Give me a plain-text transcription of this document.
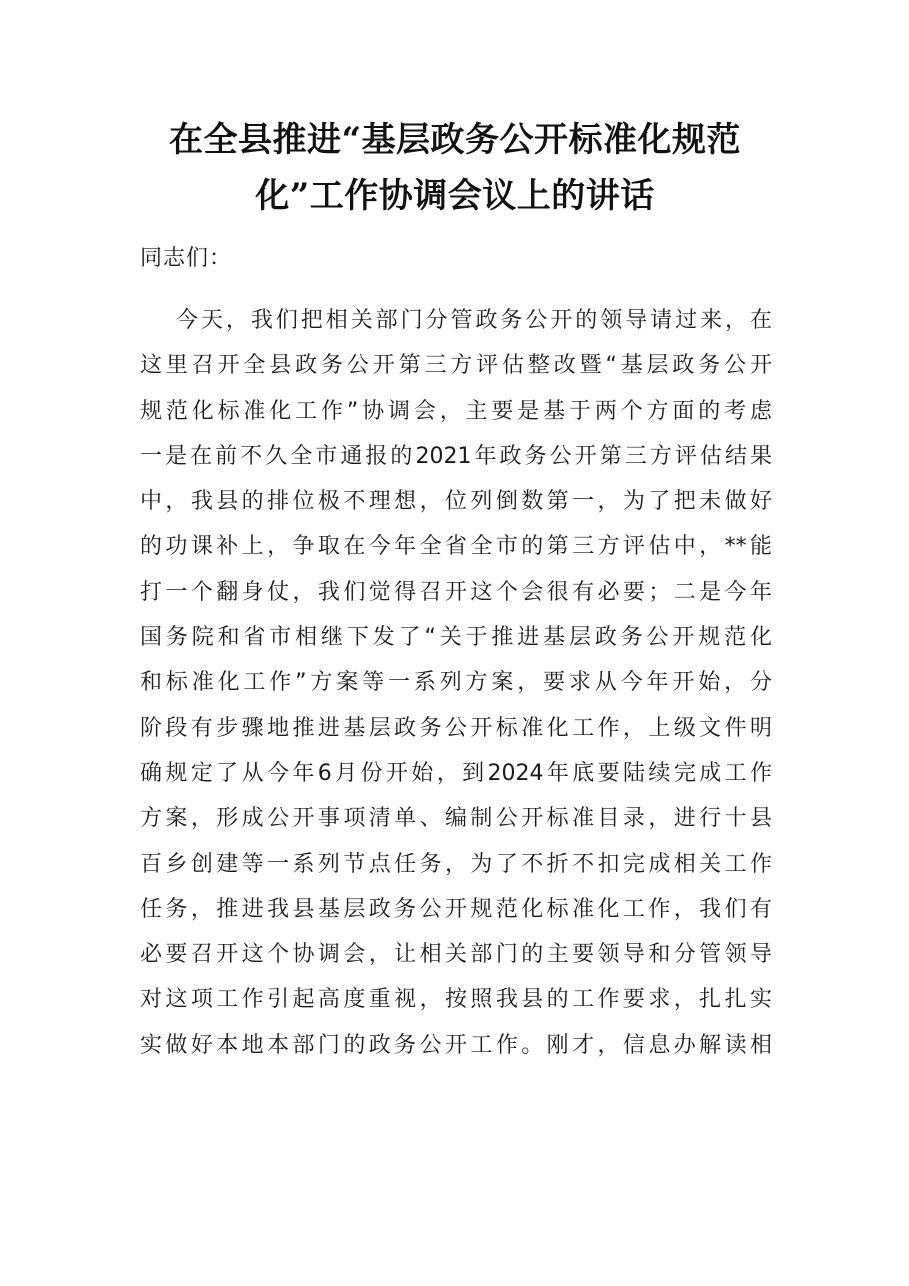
在全县推进“基层政务公开标准化规范
化”工作协调会议上的讲话
同志们：
今天，我们把相关部门分管政务公开的领导请过来，在
这里召开全县政务公开第三方评估整改暨“基层政务公开
规范化标准化工作”协调会，主要是基于两个方面的考虑
一是在前不久全市通报的2021年政务公开第三方评估结果
中，我县的排位极不理想，位列倒数第一，为了把未做好
的功课补上，争取在今年全省全市的第三方评估中，**能
打一个翻身仗，我们觉得召开这个会很有必要；二是今年
国务院和省市相继下发了“关于推进基层政务公开规范化
和标准化工作”方案等一系列方案，要求从今年开始，分
阶段有步骤地推进基层政务公开标准化工作，上级文件明
确规定了从今年6月份开始，到2024年底要陆续完成工作
方案，形成公开事项清单、编制公开标准目录，进行十县
百乡创建等一系列节点任务，为了不折不扣完成相关工作
任务，推进我县基层政务公开规范化标准化工作，我们有
必要召开这个协调会，让相关部门的主要领导和分管领导
对这项工作引起高度重视，按照我县的工作要求，扎扎实
实做好本地本部门的政务公开工作。刚才，信息办解读相
